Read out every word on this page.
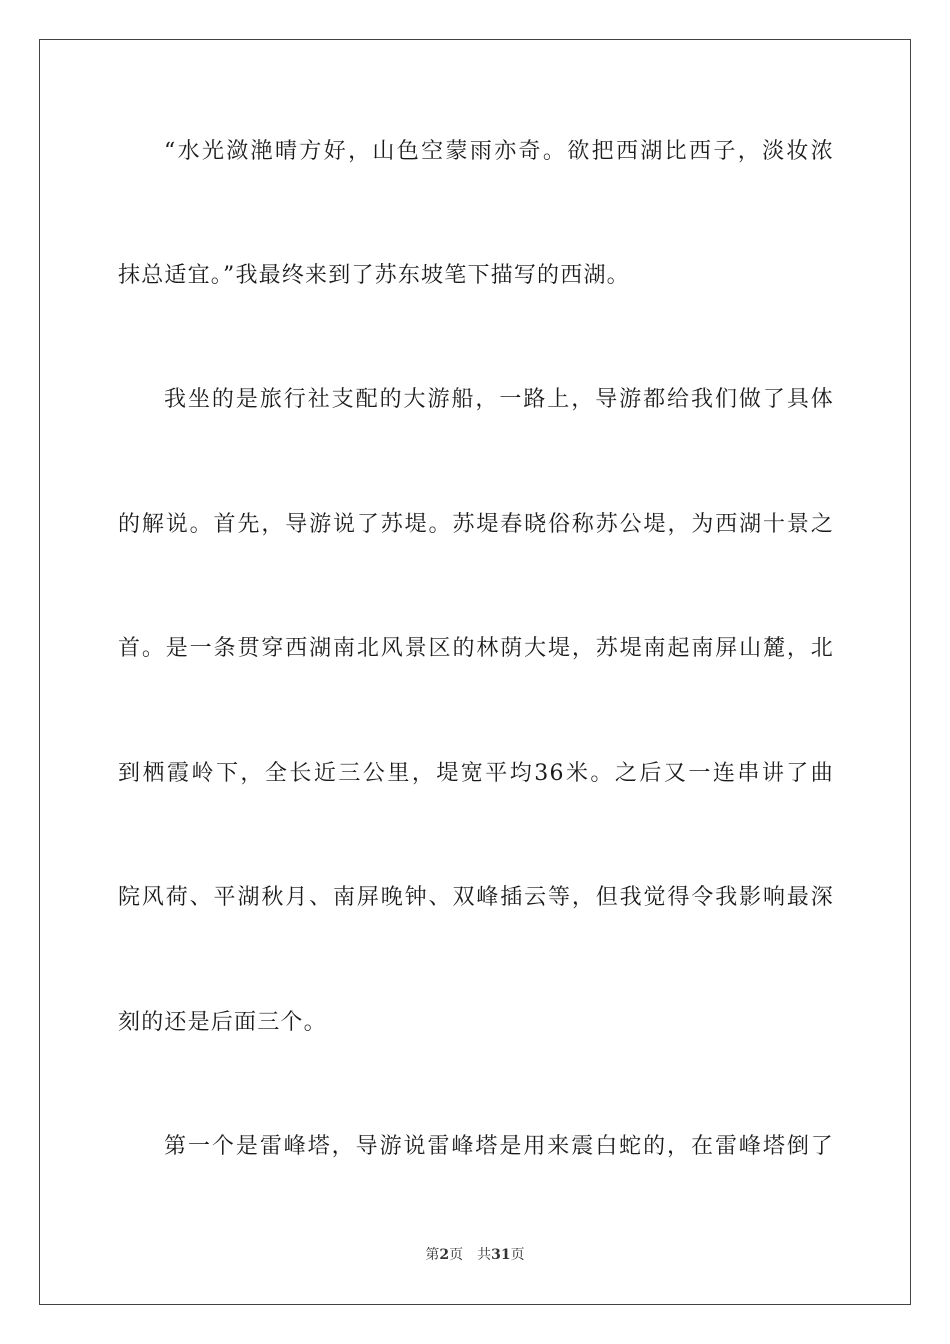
“水光潋滟晴方好，山色空蒙雨亦奇。欲把西湖比西子，淡妆浓
抹总适宜。”我最终来到了苏东坡笔下描写的西湖。
我坐的是旅行社支配的大游船，一路上，导游都给我们做了具体
的解说。首先，导游说了苏堤。苏堤春晓俗称苏公堤，为西湖十景之
首。是一条贯穿西湖南北风景区的林荫大堤，苏堤南起南屏山麓，北
到栖霞岭下，全长近三公里，堤宽平均36米。之后又一连串讲了曲
院风荷、平湖秋月、南屏晚钟、双峰插云等，但我觉得令我影响最深
刻的还是后面三个。
第一个是雷峰塔，导游说雷峰塔是用来震白蛇的，在雷峰塔倒了
第2页 共31页
